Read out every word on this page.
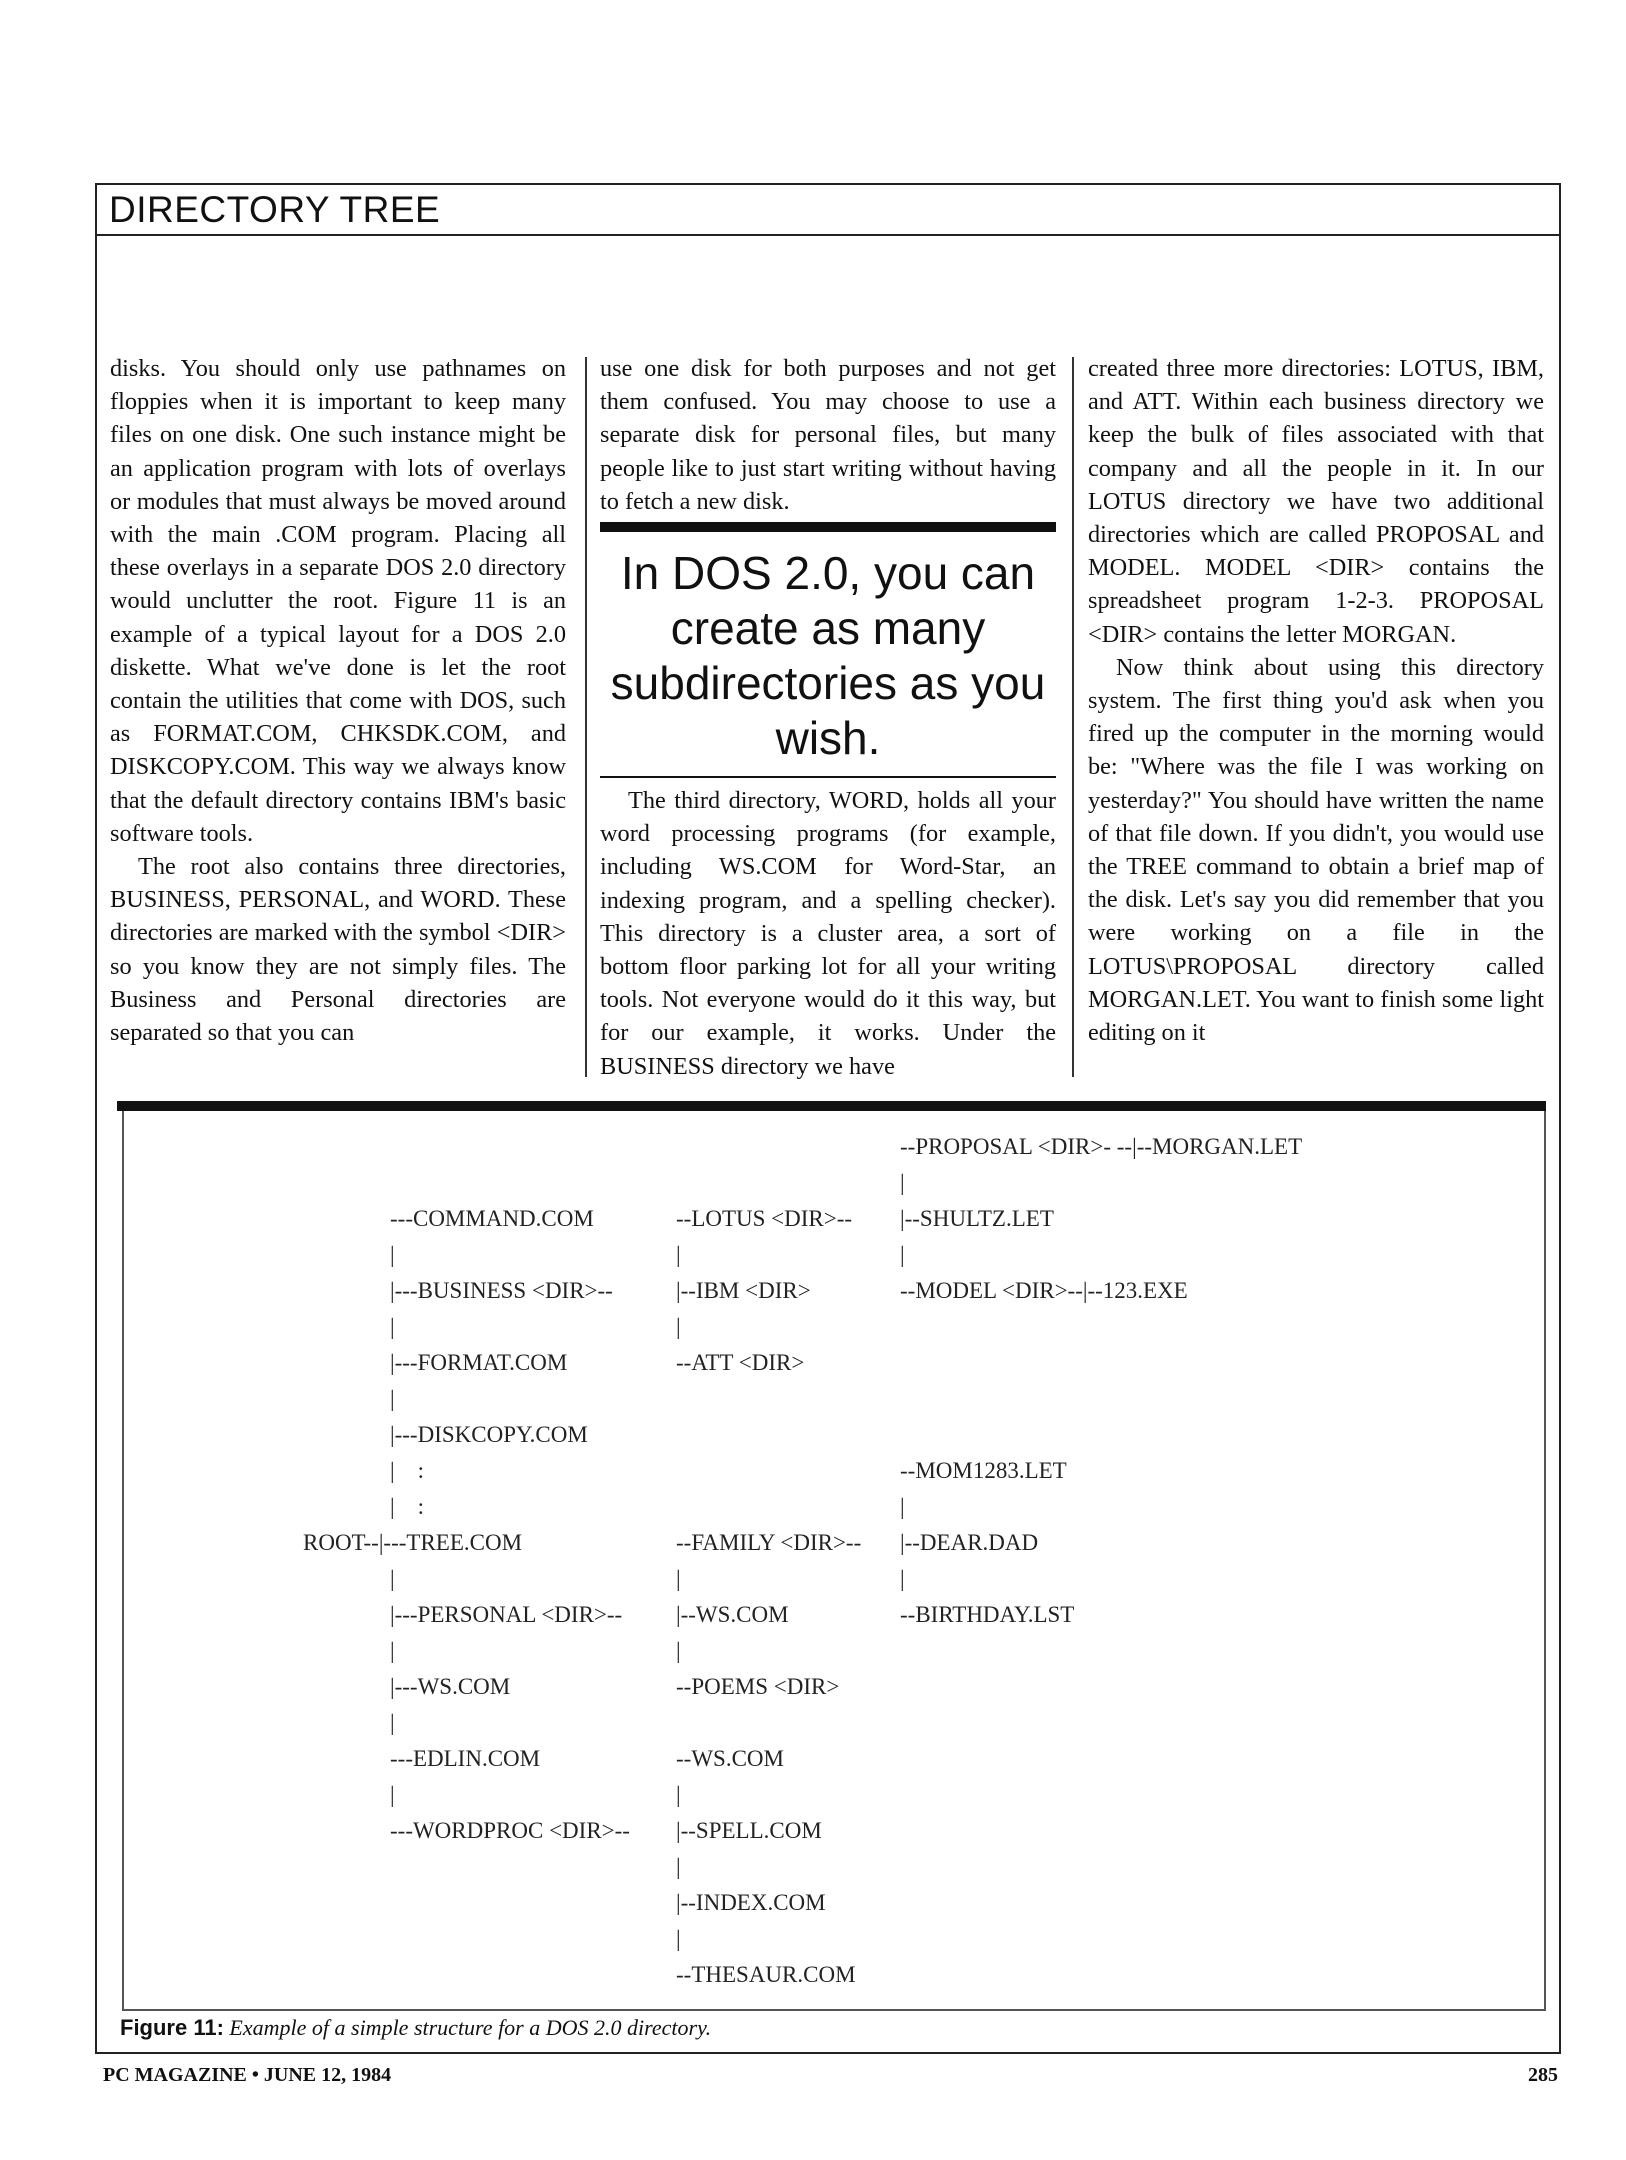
DIRECTORY TREE

disks. You should only use pathnames on floppies when it is important to keep many files on one disk. One such instance might be an application program with lots of overlays or modules that must always be moved around with the main .COM program. Placing all these overlays in a separate DOS 2.0 directory would unclutter the root. Figure 11 is an example of a typical layout for a DOS 2.0 diskette. What we've done is let the root contain the utilities that come with DOS, such as FORMAT.COM, CHKSDK.COM, and DISKCOPY.COM. This way we always know that the default directory contains IBM's basic software tools.

The root also contains three directories, BUSINESS, PERSONAL, and WORD. These directories are marked with the symbol <DIR> so you know they are not simply files. The Business and Personal directories are separated so that you can

use one disk for both purposes and not get them confused. You may choose to use a separate disk for personal files, but many people like to just start writing without having to fetch a new disk.

In DOS 2.0, you can create as many subdirectories as you wish.

The third directory, WORD, holds all your word processing programs (for example, including WS.COM for Word-Star, an indexing program, and a spelling checker). This directory is a cluster area, a sort of bottom floor parking lot for all your writing tools. Not everyone would do it this way, but for our example, it works. Under the BUSINESS directory we have

created three more directories: LOTUS, IBM, and ATT. Within each business directory we keep the bulk of files associated with that company and all the people in it. In our LOTUS directory we have two additional directories which are called PROPOSAL and MODEL. MODEL <DIR> contains the spreadsheet program 1-2-3. PROPOSAL <DIR> contains the letter MORGAN.

Now think about using this directory system. The first thing you'd ask when you fired up the computer in the morning would be: "Where was the file I was working on yesterday?" You should have written the name of that file down. If you didn't, you would use the TREE command to obtain a brief map of the disk. Let's say you did remember that you were working on a file in the LOTUS\PROPOSAL directory called MORGAN.LET. You want to finish some light editing on it

--PROPOSAL <DIR>- --|--MORGAN.LET
|
|--SHULTZ.LET
|
--MODEL <DIR>--|--123.EXE
--MOM1283.LET
|
|--DEAR.DAD
|
--BIRTHDAY.LST
---COMMAND.COM
|
|---BUSINESS <DIR>--
|
|---FORMAT.COM
|
|---DISKCOPY.COM
|    :
|    :
ROOT--|---TREE.COM
|
|---PERSONAL <DIR>--
|
|---WS.COM
|
---EDLIN.COM
|
---WORDPROC <DIR>--
--LOTUS <DIR>--
|
|--IBM <DIR>
|
--ATT <DIR>
--FAMILY <DIR>--
|
|--WS.COM
|
--POEMS <DIR>
--WS.COM
|
|--SPELL.COM
|
|--INDEX.COM
|
--THESAUR.COM
Figure 11: Example of a simple structure for a DOS 2.0 directory.
PC MAGAZINE • JUNE 12, 1984	285
